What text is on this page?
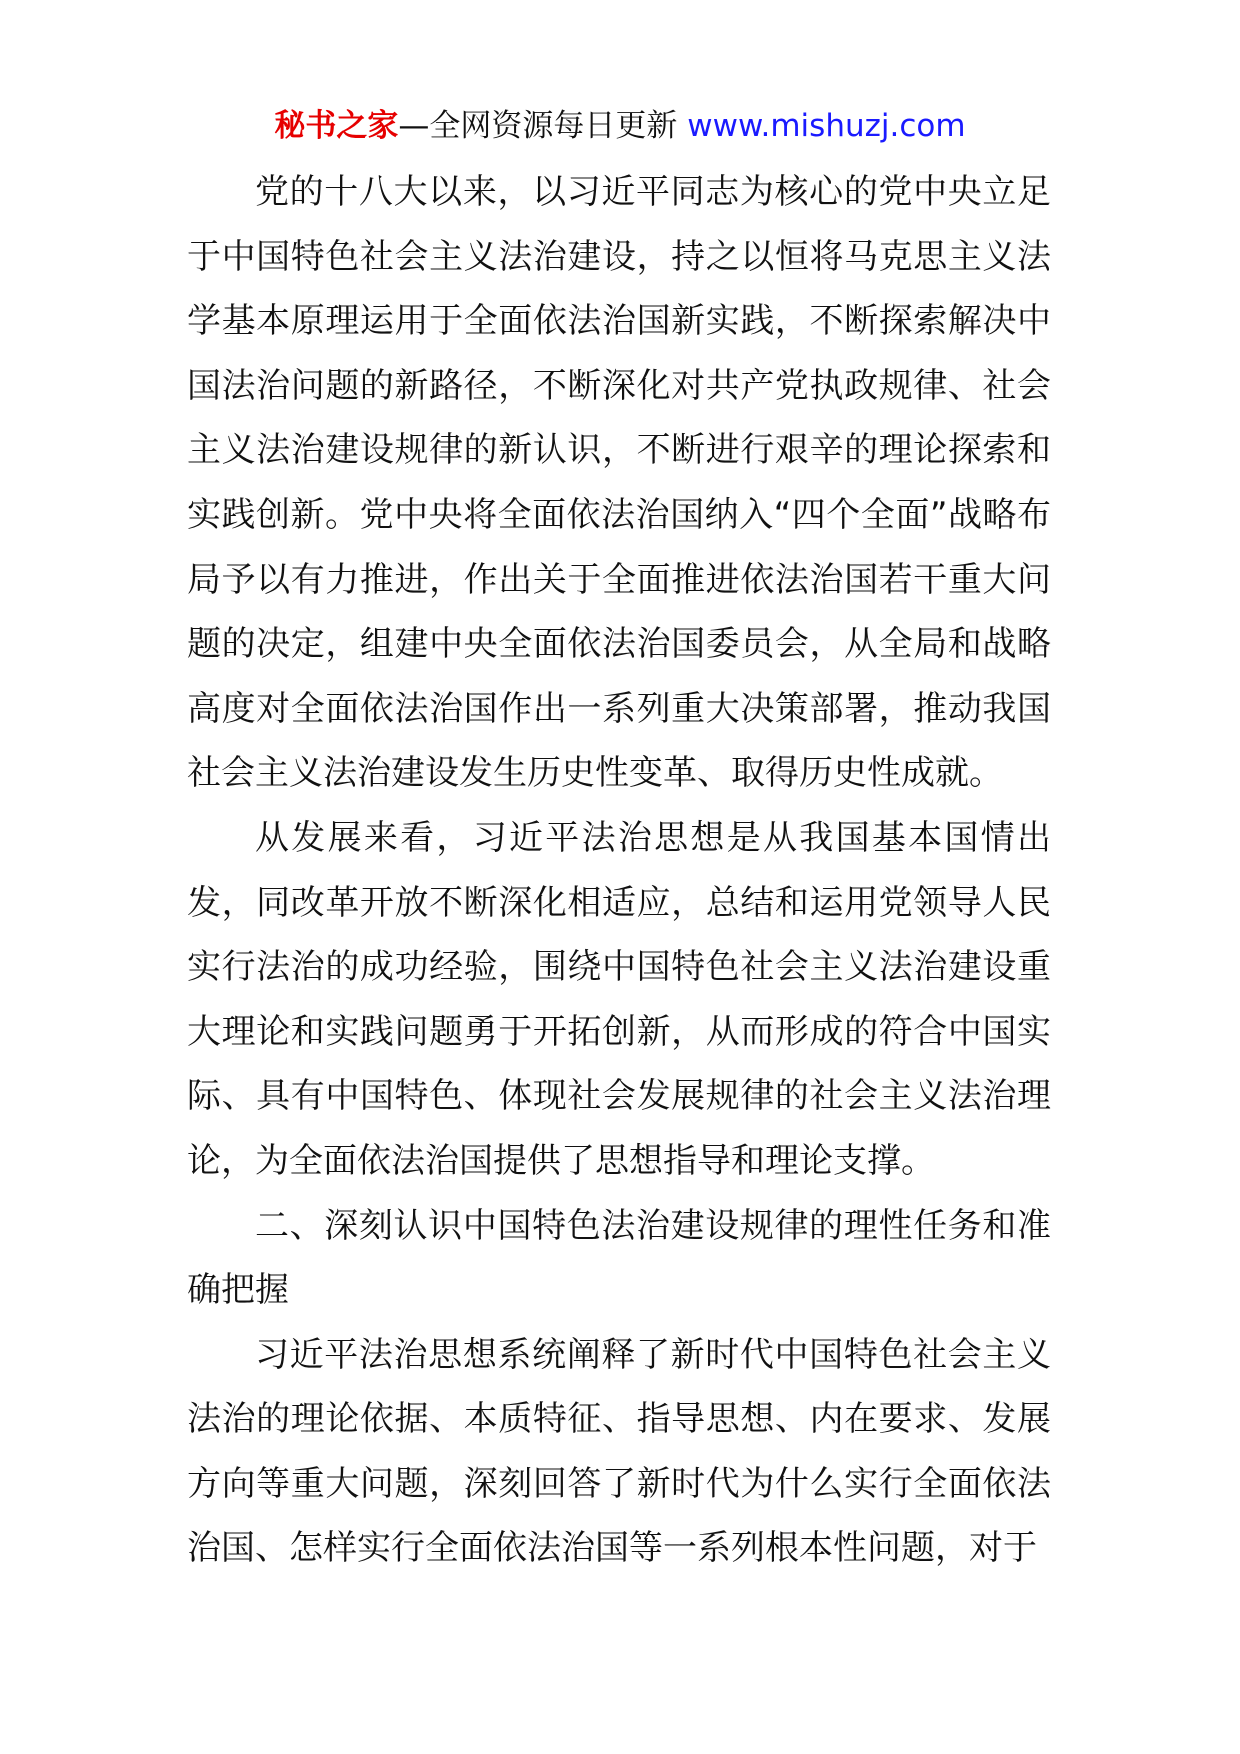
秘书之家—全网资源每日更新 www.mishuzj.com

党的十八大以来，以习近平同志为核心的党中央立足于中国特色社会主义法治建设，持之以恒将马克思主义法学基本原理运用于全面依法治国新实践，不断探索解决中国法治问题的新路径，不断深化对共产党执政规律、社会主义法治建设规律的新认识，不断进行艰辛的理论探索和实践创新。党中央将全面依法治国纳入“四个全面”战略布局予以有力推进，作出关于全面推进依法治国若干重大问题的决定，组建中央全面依法治国委员会，从全局和战略高度对全面依法治国作出一系列重大决策部署，推动我国社会主义法治建设发生历史性变革、取得历史性成就。

从发展来看，习近平法治思想是从我国基本国情出发，同改革开放不断深化相适应，总结和运用党领导人民实行法治的成功经验，围绕中国特色社会主义法治建设重大理论和实践问题勇于开拓创新，从而形成的符合中国实际、具有中国特色、体现社会发展规律的社会主义法治理论，为全面依法治国提供了思想指导和理论支撑。

二、深刻认识中国特色法治建设规律的理性任务和准确把握

习近平法治思想系统阐释了新时代中国特色社会主义法治的理论依据、本质特征、指导思想、内在要求、发展方向等重大问题，深刻回答了新时代为什么实行全面依法治国、怎样实行全面依法治国等一系列根本性问题，对于
